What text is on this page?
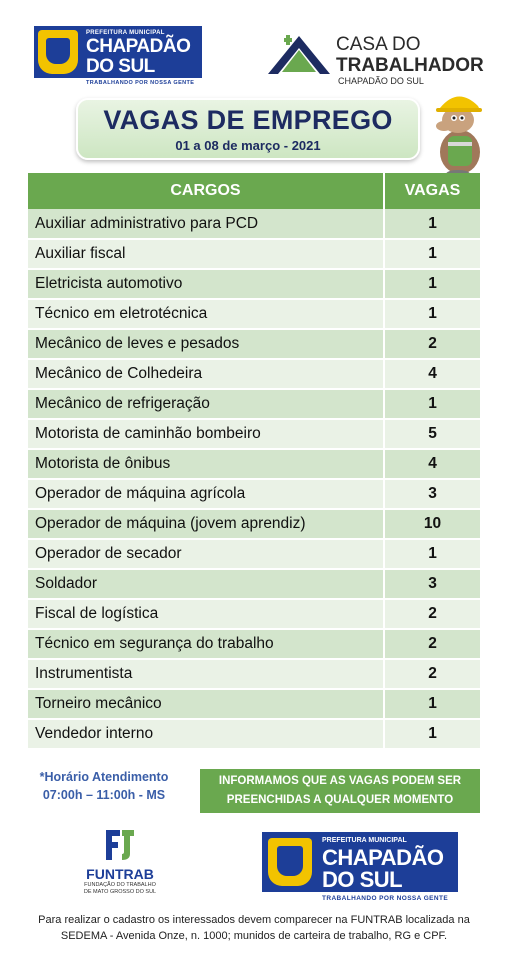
PREFEITURA MUNICIPAL
CHAPADÃO
DO SUL
TRABALHANDO POR NOSSA GENTE
CASA DO
TRABALHADOR
CHAPADÃO DO SUL
VAGAS DE EMPREGO
01 a 08 de março - 2021
CARGOS	VAGAS
Auxiliar administrativo para PCD	1
Auxiliar fiscal	1
Eletricista automotivo	1
Técnico em eletrotécnica	1
Mecânico de leves e pesados	2
Mecânico de Colhedeira	4
Mecânico de refrigeração	1
Motorista de caminhão bombeiro	5
Motorista de ônibus	4
Operador de máquina agrícola	3
Operador de máquina (jovem aprendiz)	10
Operador de secador	1
Soldador	3
Fiscal de logística	2
Técnico em segurança do trabalho	2
Instrumentista	2
Torneiro mecânico	1
Vendedor interno	1
*Horário Atendimento
07:00h – 11:00h - MS
INFORMAMOS QUE AS VAGAS PODEM SER
PREENCHIDAS A QUALQUER MOMENTO
FUNTRAB
FUNDAÇÃO DO TRABALHO
DE MATO GROSSO DO SUL
PREFEITURA MUNICIPAL
CHAPADÃO
DO SUL
TRABALHANDO POR NOSSA GENTE
Para realizar o cadastro os interessados devem comparecer na FUNTRAB localizada na
SEDEMA - Avenida Onze, n. 1000; munidos de carteira de trabalho, RG e CPF.
